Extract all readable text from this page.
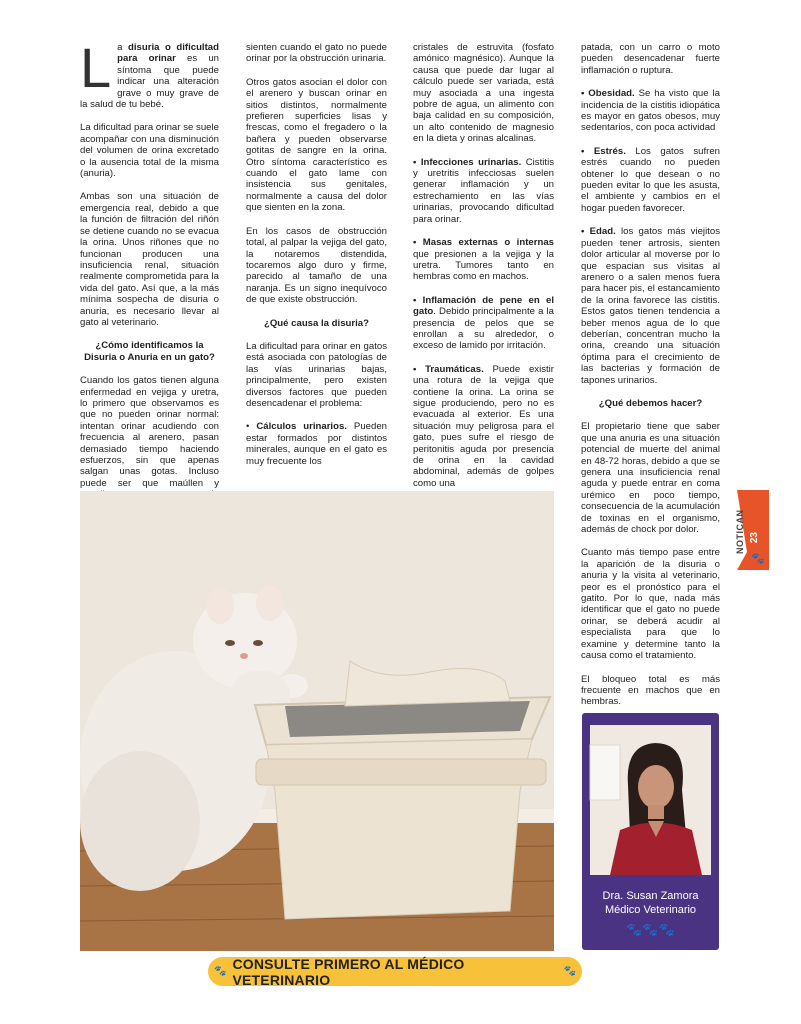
La disuria o dificultad para orinar es un síntoma que puede indicar una alteración grave o muy grave de la salud de tu bebé.

La dificultad para orinar se suele acompañar con una disminución del volumen de orina excretado o la ausencia total de la misma (anuria).

Ambas son una situación de emergencia real, debido a que la función de filtración del riñón se detiene cuando no se evacua la orina. Unos riñones que no funcionan producen una insuficiencia renal, situación realmente comprometida para la vida del gato. Así que, a la más mínima sospecha de disuria o anuria, es necesario llevar al gato al veterinario.

¿Cómo identificamos la Disuria o Anuria en un gato?

Cuando los gatos tienen alguna enfermedad en vejiga y uretra, lo primero que observamos es que no pueden orinar normal: intentan orinar acudiendo con frecuencia al arenero, pasan demasiado tiempo haciendo esfuerzos, sin que apenas salgan unas gotas. Incluso puede ser que maúllen y

sienten cuando el gato no puede orinar por la obstrucción urinaria.

Otros gatos asocian el dolor con el arenero y buscan orinar en sitios distintos, normalmente prefieren superficies lisas y frescas, como el fregadero o la bañera y pueden observarse gotitas de sangre en la orina. Otro síntoma característico es cuando el gato lame con insistencia sus genitales, normalmente a causa del dolor que sienten en la zona.

En los casos de obstrucción total, al palpar la vejiga del gato, la notaremos distendida, tocaremos algo duro y firme, parecido al tamaño de una naranja. Es un signo inequívoco de que existe obstrucción.

¿Qué causa la disuria?

La dificultad para orinar en gatos está asociada con patologías de las vías urinarias bajas, principalmente, pero existen diversos factores que pueden desencadenar el problema:

• Cálculos urinarios. Pueden estar formados por distintos minerales, aunque en el gato es muy frecuente los

cristales de estruvita (fosfato amónico magnésico). Aunque la causa que puede dar lugar al cálculo puede ser variada, está muy asociada a una ingesta pobre de agua, un alimento con baja calidad en su composición, un alto contenido de magnesio en la dieta y orinas alcalinas.

• Infecciones urinarias. Cistitis y uretritis infecciosas suelen generar inflamación y un estrechamiento en las vías urinarias, provocando dificultad para orinar.

• Masas externas o internas que presionen a la vejiga y la uretra. Tumores tanto en hembras como en machos.

• Inflamación de pene en el gato. Debido principalmente a la presencia de pelos que se enrollan a su alrededor, o exceso de lamido por irritación.

• Traumáticas. Puede existir una rotura de la vejiga que contiene la orina. La orina se sigue produciendo, pero no es evacuada al exterior. Es una situación muy peligrosa para el gato, pues sufre el riesgo de peritonitis aguda por presencia de orina en la cavidad abdominal, además de golpes como una

patada, con un carro o moto pueden desencadenar fuerte inflamación o ruptura.

• Obesidad. Se ha visto que la incidencia de la cistitis idiopática es mayor en gatos obesos, muy sedentarios, con poca actividad

• Estrés. Los gatos sufren estrés cuando no pueden obtener lo que desean o no pueden evitar lo que les asusta, el ambiente y cambios en el hogar pueden favorecer.

• Edad. los gatos más viejitos pueden tener artrosis, sienten dolor articular al moverse por lo que espacian sus visitas al arenero o a salen menos fuera para hacer pis, el estancamiento de la orina favorece las cistitis. Estos gatos tienen tendencia a beber menos agua de lo que deberían, concentran mucho la orina, creando una situación óptima para el crecimiento de las bacterias y formación de tapones urinarios.

¿Qué debemos hacer?

El propietario tiene que saber que una anuria es una situación potencial de muerte del animal en 48-72 horas, debido a que se genera una insuficiencia renal aguda y puede entrar en coma urémico en poco tiempo, consecuencia de la acumulación de toxinas en el organismo, además de chock por dolor.

Cuanto más tiempo pase entre la aparición de la disuria o anuria y la visita al veterinario, peor es el pronóstico para el gatito. Por lo que, nada más identificar que el gato no puede orinar, se deberá acudir al especialista para que lo examine y determine tanto la causa como el tratamiento.

El bloqueo total es más frecuente en machos que en hembras.

NOTICAN 23
🐾
Dra. Susan Zamora
Médico Veterinario
🐾🐾🐾
🐾 CONSULTE PRIMERO AL MÉDICO VETERINARIO	🐾
